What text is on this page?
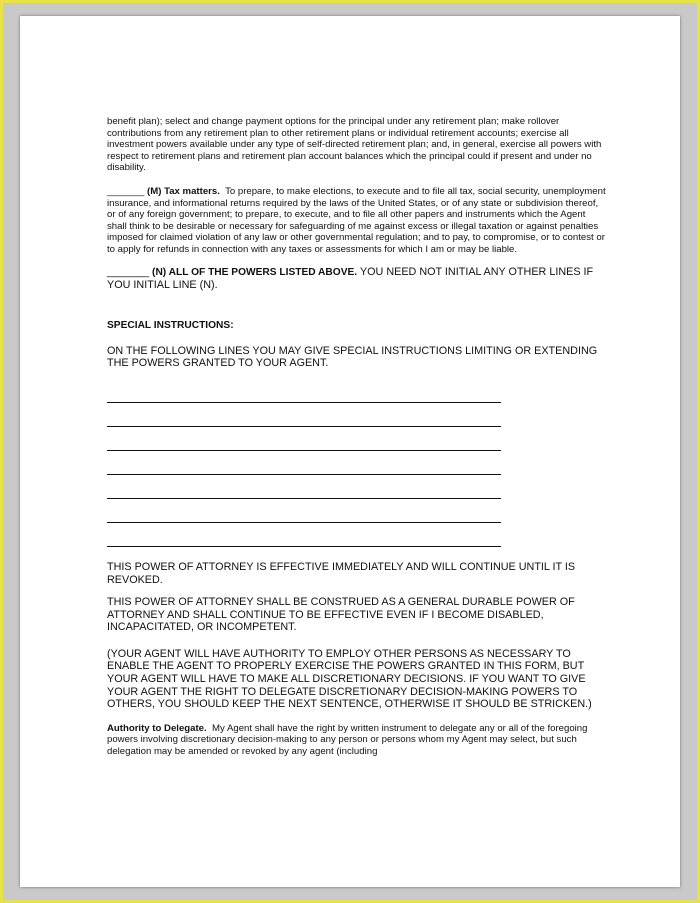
benefit plan); select and change payment options for the principal under any retirement plan; make rollover contributions from any retirement plan to other retirement plans or individual retirement accounts; exercise all investment powers available under any type of self-directed retirement plan; and, in general, exercise all powers with respect to retirement plans and retirement plan account balances which the principal could if present and under no disability.

_______ (M) Tax matters. To prepare, to make elections, to execute and to file all tax, social security, unemployment insurance, and informational returns required by the laws of the United States, or of any state or subdivision thereof, or of any foreign government; to prepare, to execute, and to file all other papers and instruments which the Agent shall think to be desirable or necessary for safeguarding of me against excess or illegal taxation or against penalties imposed for claimed violation of any law or other governmental regulation; and to pay, to compromise, or to contest or to apply for refunds in connection with any taxes or assessments for which I am or may be liable.

_______ (N) ALL OF THE POWERS LISTED ABOVE. YOU NEED NOT INITIAL ANY OTHER LINES IF YOU INITIAL LINE (N).

SPECIAL INSTRUCTIONS:

ON THE FOLLOWING LINES YOU MAY GIVE SPECIAL INSTRUCTIONS LIMITING OR EXTENDING THE POWERS GRANTED TO YOUR AGENT.

THIS POWER OF ATTORNEY IS EFFECTIVE IMMEDIATELY AND WILL CONTINUE UNTIL IT IS REVOKED.

THIS POWER OF ATTORNEY SHALL BE CONSTRUED AS A GENERAL DURABLE POWER OF ATTORNEY AND SHALL CONTINUE TO BE EFFECTIVE EVEN IF I BECOME DISABLED, INCAPACITATED, OR INCOMPETENT.

(YOUR AGENT WILL HAVE AUTHORITY TO EMPLOY OTHER PERSONS AS NECESSARY TO ENABLE THE AGENT TO PROPERLY EXERCISE THE POWERS GRANTED IN THIS FORM, BUT YOUR AGENT WILL HAVE TO MAKE ALL DISCRETIONARY DECISIONS. IF YOU WANT TO GIVE YOUR AGENT THE RIGHT TO DELEGATE DISCRETIONARY DECISION-MAKING POWERS TO OTHERS, YOU SHOULD KEEP THE NEXT SENTENCE, OTHERWISE IT SHOULD BE STRICKEN.)

Authority to Delegate. My Agent shall have the right by written instrument to delegate any or all of the foregoing powers involving discretionary decision-making to any person or persons whom my Agent may select, but such delegation may be amended or revoked by any agent (including
